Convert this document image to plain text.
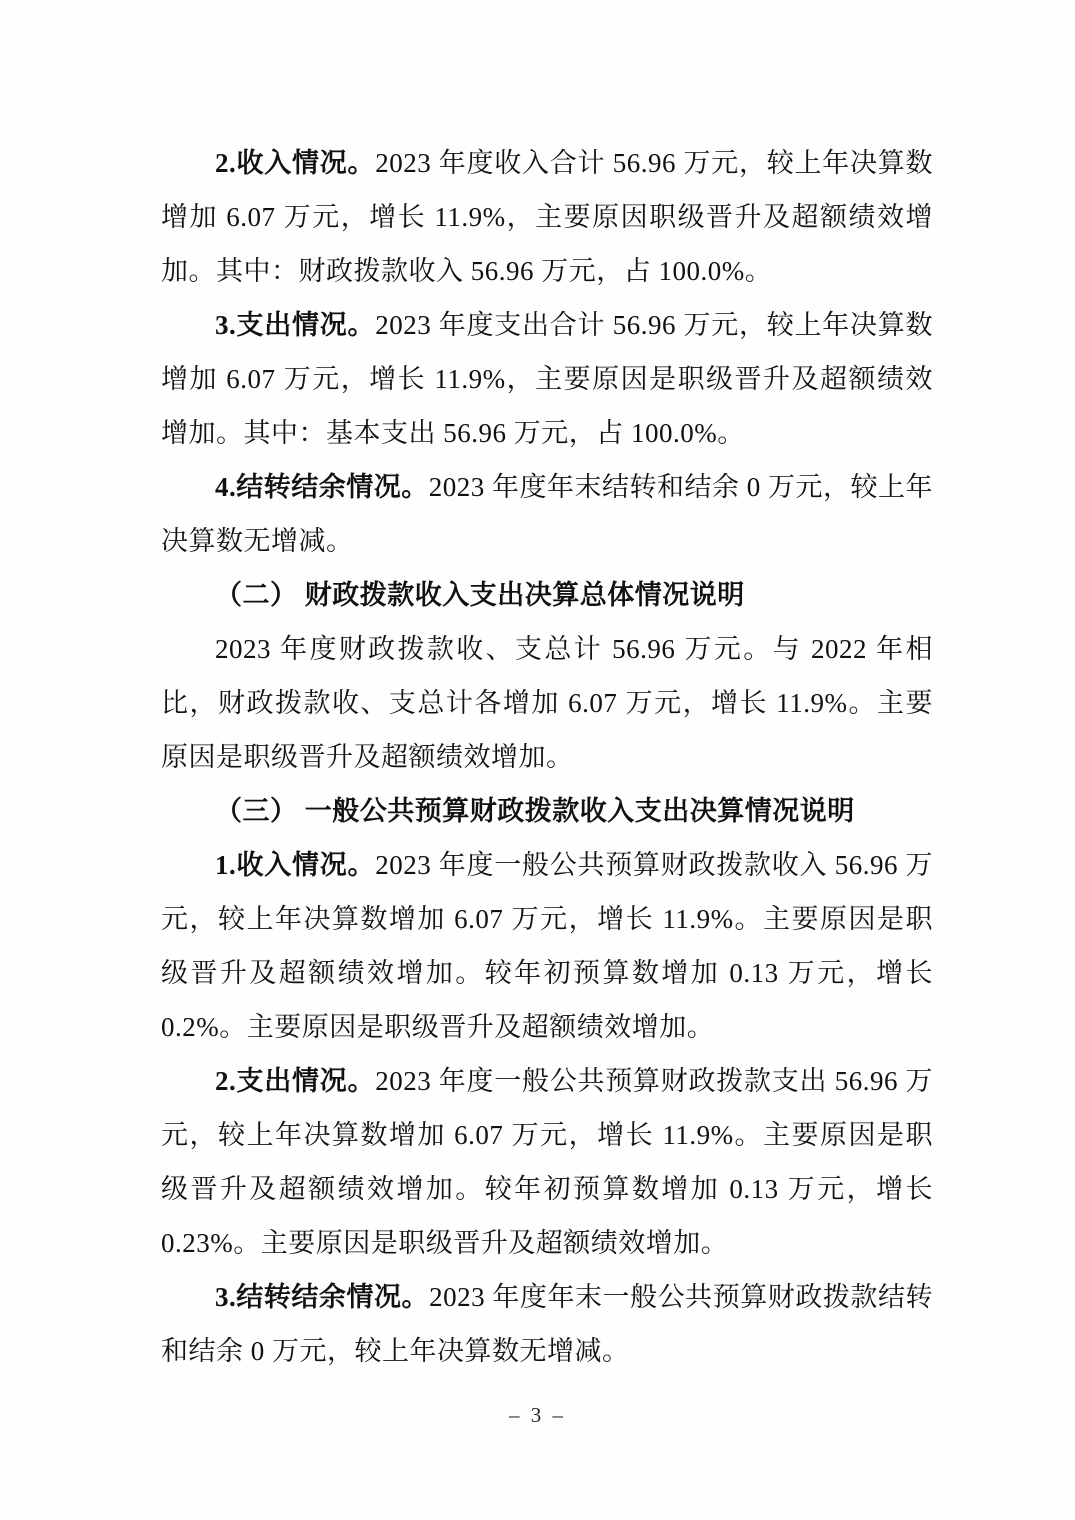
2.收入情况。2023 年度收入合计 56.96 万元，较上年决算数增加 6.07 万元，增长 11.9%，主要原因职级晋升及超额绩效增加。其中：财政拨款收入 56.96 万元，占 100.0%。

3.支出情况。2023 年度支出合计 56.96 万元，较上年决算数增加 6.07 万元，增长 11.9%，主要原因是职级晋升及超额绩效增加。其中：基本支出 56.96 万元，占 100.0%。

4.结转结余情况。2023 年度年末结转和结余 0 万元，较上年决算数无增减。

（二） 财政拨款收入支出决算总体情况说明

2023 年度财政拨款收、支总计 56.96 万元。与 2022 年相比，财政拨款收、支总计各增加 6.07 万元，增长 11.9%。主要原因是职级晋升及超额绩效增加。

（三） 一般公共预算财政拨款收入支出决算情况说明

1.收入情况。2023 年度一般公共预算财政拨款收入 56.96 万元，较上年决算数增加 6.07 万元，增长 11.9%。主要原因是职级晋升及超额绩效增加。较年初预算数增加 0.13 万元，增长 0.2%。主要原因是职级晋升及超额绩效增加。

2.支出情况。2023 年度一般公共预算财政拨款支出 56.96 万元，较上年决算数增加 6.07 万元，增长 11.9%。主要原因是职级晋升及超额绩效增加。较年初预算数增加 0.13 万元，增长 0.23%。主要原因是职级晋升及超额绩效增加。

3.结转结余情况。2023 年度年末一般公共预算财政拨款结转和结余 0 万元，较上年决算数无增减。

– 3 –
